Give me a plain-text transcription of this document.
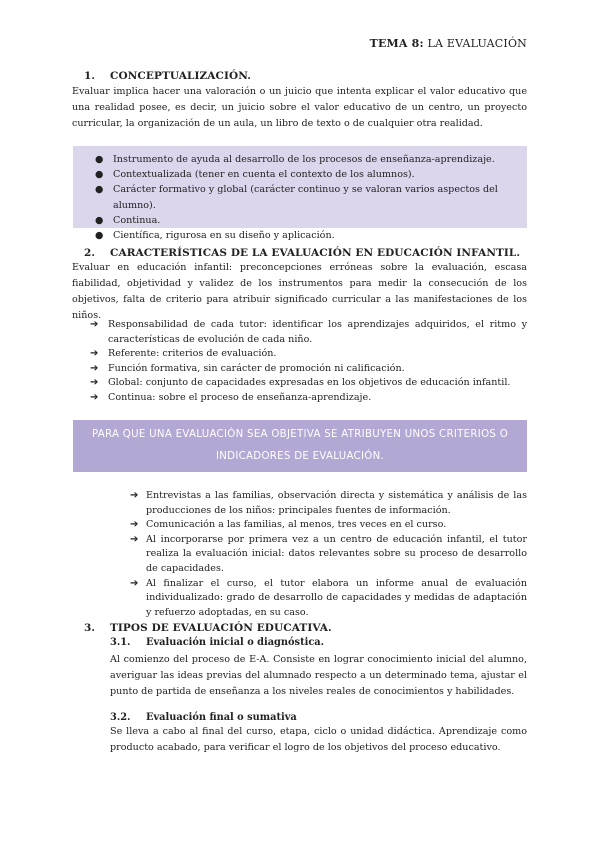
TEMA 8: LA EVALUACIÓN
1. CONCEPTUALIZACIÓN.
Evaluar implica hacer una valoración o un juicio que intenta explicar el valor educativo que una realidad posee, es decir, un juicio sobre el valor educativo de un centro, un proyecto curricular, la organización de un aula, un libro de texto o de cualquier otra realidad.
● Instrumento de ayuda al desarrollo de los procesos de enseñanza-aprendizaje.
● Contextualizada (tener en cuenta el contexto de los alumnos).
● Carácter formativo y global (carácter continuo y se valoran varios aspectos del alumno).
● Continua.
● Científica, rigurosa en su diseño y aplicación.
2. CARACTERÍSTICAS DE LA EVALUACIÓN EN EDUCACIÓN INFANTIL.
Evaluar en educación infantil: preconcepciones erróneas sobre la evaluación, escasa fiabilidad, objetividad y validez de los instrumentos para medir la consecución de los objetivos, falta de criterio para atribuir significado curricular a las manifestaciones de los niños.
➔ Responsabilidad de cada tutor: identificar los aprendizajes adquiridos, el ritmo y características de evolución de cada niño.
➔ Referente: criterios de evaluación.
➔ Función formativa, sin carácter de promoción ni calificación.
➔ Global: conjunto de capacidades expresadas en los objetivos de educación infantil.
➔ Continua: sobre el proceso de enseñanza-aprendizaje.
PARA QUE UNA EVALUACIÓN SEA OBJETIVA SE ATRIBUYEN UNOS CRITERIOS O INDICADORES DE EVALUACIÓN.
➔ Entrevistas a las familias, observación directa y sistemática y análisis de las producciones de los niños: principales fuentes de información.
➔ Comunicación a las familias, al menos, tres veces en el curso.
➔ Al incorporarse por primera vez a un centro de educación infantil, el tutor realiza la evaluación inicial: datos relevantes sobre su proceso de desarrollo de capacidades.
➔ Al finalizar el curso, el tutor elabora un informe anual de evaluación individualizado: grado de desarrollo de capacidades y medidas de adaptación y refuerzo adoptadas, en su caso.
3. TIPOS DE EVALUACIÓN EDUCATIVA.
3.1. Evaluación inicial o diagnóstica.
Al comienzo del proceso de E-A. Consiste en lograr conocimiento inicial del alumno, averiguar las ideas previas del alumnado respecto a un determinado tema, ajustar el punto de partida de enseñanza a los niveles reales de conocimientos y habilidades.
3.2. Evaluación final o sumativa
Se lleva a cabo al final del curso, etapa, ciclo o unidad didáctica. Aprendizaje como producto acabado, para verificar el logro de los objetivos del proceso educativo.
